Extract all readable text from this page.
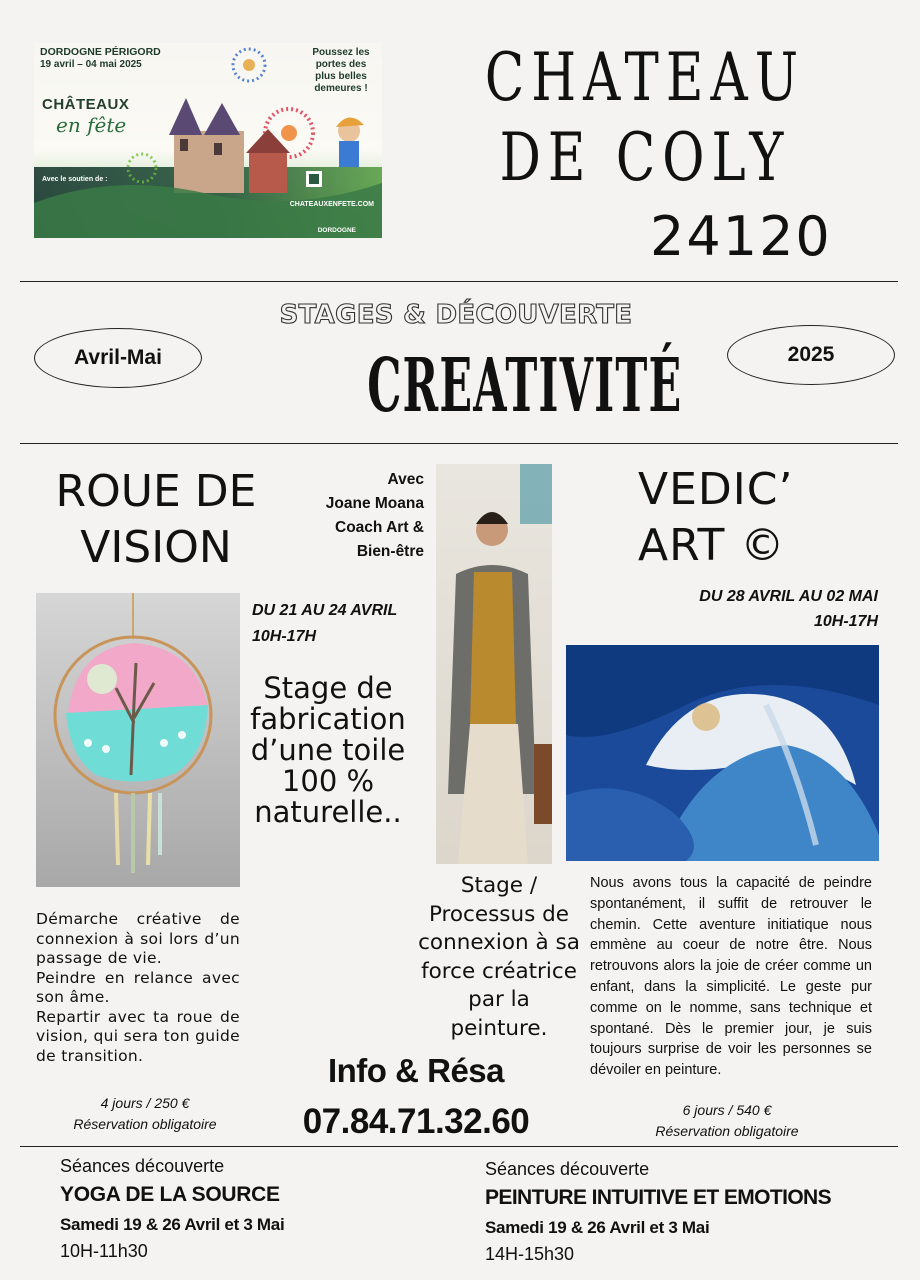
DORDOGNE PÉRIGORD
19 avril – 04 mai 2025
Poussez les portes des plus belles demeures !
CHÂTEAUX
en fête
Avec le soutien de :
CHATEAUXENFETE.COM
DORDOGNE
CHATEAU DE COLY
24120
STAGES & DÉCOUVERTE
CREATIVITÉ
Avril-Mai	2025
ROUE DE VISION
DU 21 AU 24 AVRIL
10H-17H
Stage de fabrication d’une toile 100 % naturelle..

Démarche créative de connexion à soi lors d’un passage de vie.

Peindre en relance avec son âme.

Repartir avec ta roue de vision, qui sera ton guide de transition.

4 jours / 250 €
Réservation obligatoire
Avec
Joane Moana
Coach Art &
Bien-être
Stage / Processus de connexion à sa force créatrice par la peinture.
Info & Résa
07.84.71.32.60
VEDIC’
ART ©
DU 28 AVRIL AU 02 MAI
10H-17H
Nous avons tous la capacité de peindre spontanément, il suffit de retrouver le chemin. Cette aventure initiatique nous emmène au coeur de notre être. Nous retrouvons alors la joie de créer comme un enfant, dans la simplicité. Le geste pur comme on le nomme, sans technique et spontané. Dès le premier jour, je suis toujours surprise de voir les personnes se dévoiler en peinture.
6 jours / 540 €
Réservation obligatoire
Séances découverte
YOGA DE LA SOURCE
Samedi 19 & 26 Avril et 3 Mai
10H-11h30
Séances découverte
PEINTURE INTUITIVE ET EMOTIONS
Samedi 19 & 26 Avril et 3 Mai
14H-15h30
